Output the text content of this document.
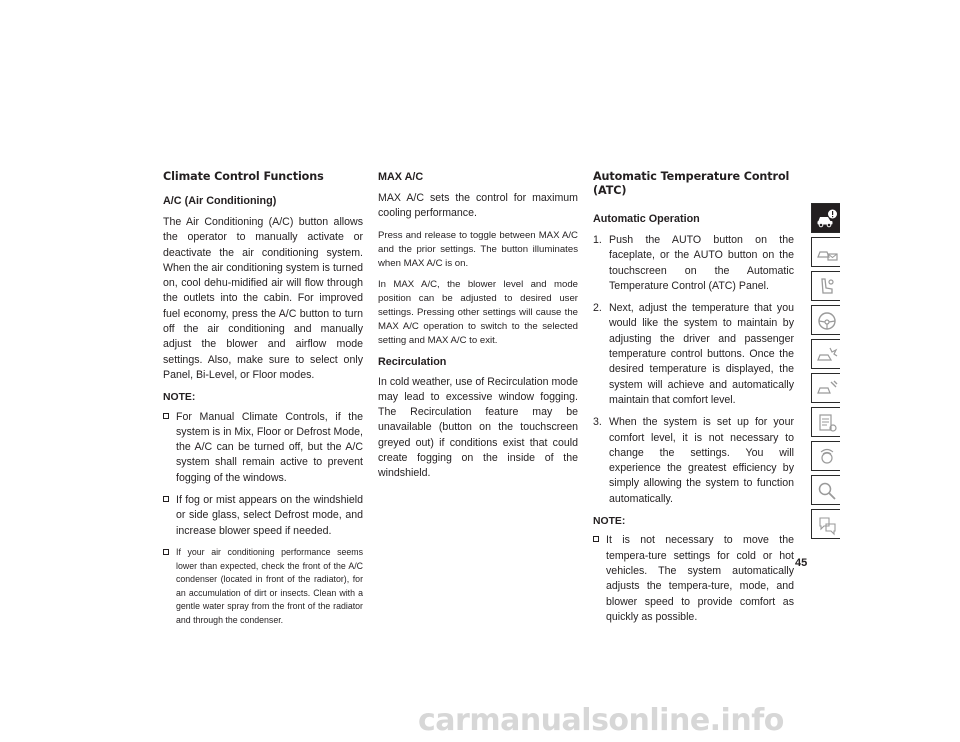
Climate Control Functions
A/C (Air Conditioning)

The Air Conditioning (A/C) button allows the operator to manually activate or deactivate the air conditioning system. When the air conditioning system is turned on, cool dehu-midified air will flow through the outlets into the cabin. For improved fuel economy, press the A/C button to turn off the air conditioning and manually adjust the blower and airflow mode settings. Also, make sure to select only Panel, Bi-Level, or Floor modes.

NOTE:
For Manual Climate Controls, if the system is in Mix, Floor or Defrost Mode, the A/C can be turned off, but the A/C system shall remain active to prevent fogging of the windows.
If fog or mist appears on the windshield or side glass, select Defrost mode, and increase blower speed if needed.
If your air conditioning performance seems lower than expected, check the front of the A/C condenser (located in front of the radiator), for an accumulation of dirt or insects. Clean with a gentle water spray from the front of the radiator and through the condenser.
MAX A/C

MAX A/C sets the control for maximum cooling performance.

Press and release to toggle between MAX A/C and the prior settings. The button illuminates when MAX A/C is on.

In MAX A/C, the blower level and mode position can be adjusted to desired user settings. Pressing other settings will cause the MAX A/C operation to switch to the selected setting and MAX A/C to exit.

Recirculation

In cold weather, use of Recirculation mode may lead to excessive window fogging. The Recirculation feature may be unavailable (button on the touchscreen greyed out) if conditions exist that could create fogging on the inside of the windshield.

Automatic Temperature Control (ATC)
Automatic Operation
1. Push the AUTO button on the faceplate, or the AUTO button on the touchscreen on the Automatic Temperature Control (ATC) Panel.
2. Next, adjust the temperature that you would like the system to maintain by adjusting the driver and passenger temperature control buttons. Once the desired temperature is displayed, the system will achieve and automatically maintain that comfort level.
3. When the system is set up for your comfort level, it is not necessary to change the settings. You will experience the greatest efficiency by simply allowing the system to function automatically.
NOTE:
It is not necessary to move the tempera-ture settings for cold or hot vehicles. The system automatically adjusts the tempera-ture, mode, and blower speed to provide comfort as quickly as possible.
45
carmanualsonline.info
